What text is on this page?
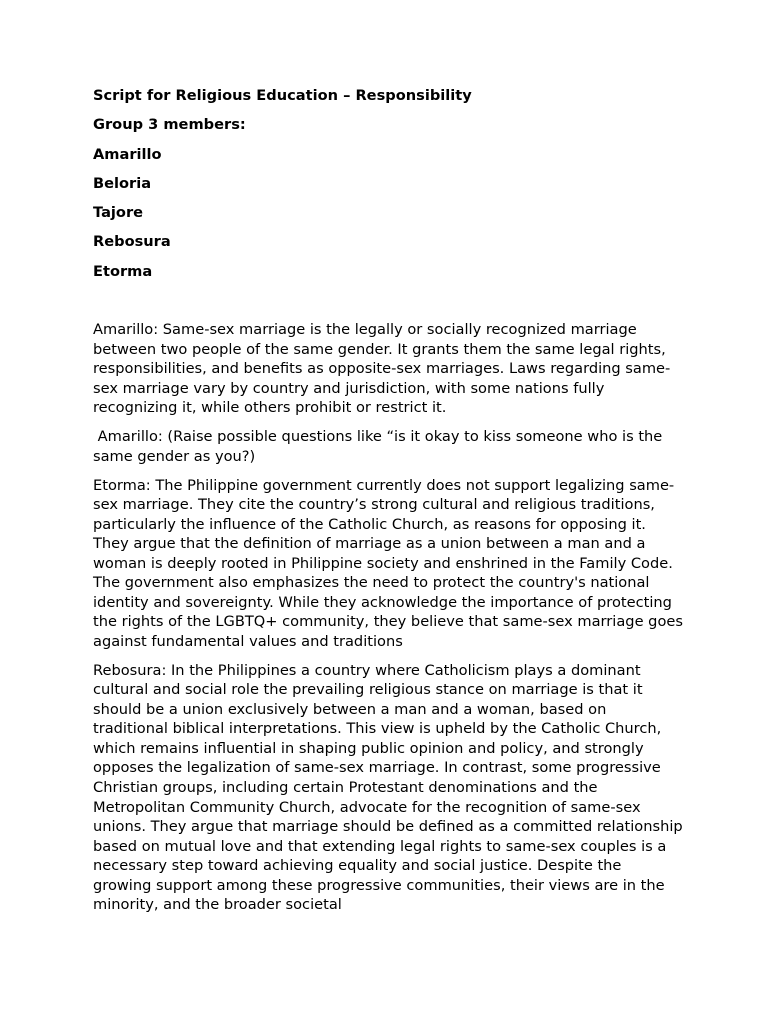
Script for Religious Education – Responsibility
Group 3 members:
Amarillo
Beloria
Tajore
Rebosura
Etorma

Amarillo: Same-sex marriage is the legally or socially recognized marriage between two people of the same gender. It grants them the same legal rights, responsibilities, and benefits as opposite-sex marriages. Laws regarding same-sex marriage vary by country and jurisdiction, with some nations fully recognizing it, while others prohibit or restrict it.

Amarillo: (Raise possible questions like “is it okay to kiss someone who is the same gender as you?)

Etorma: The Philippine government currently does not support legalizing same-sex marriage. They cite the country’s strong cultural and religious traditions, particularly the influence of the Catholic Church, as reasons for opposing it. They argue that the definition of marriage as a union between a man and a woman is deeply rooted in Philippine society and enshrined in the Family Code. The government also emphasizes the need to protect the country's national identity and sovereignty. While they acknowledge the importance of protecting the rights of the LGBTQ+ community, they believe that same-sex marriage goes against fundamental values and traditions

Rebosura: In the Philippines a country where Catholicism plays a dominant cultural and social role the prevailing religious stance on marriage is that it should be a union exclusively between a man and a woman, based on traditional biblical interpretations. This view is upheld by the Catholic Church, which remains influential in shaping public opinion and policy, and strongly opposes the legalization of same-sex marriage. In contrast, some progressive Christian groups, including certain Protestant denominations and the Metropolitan Community Church, advocate for the recognition of same-sex unions. They argue that marriage should be defined as a committed relationship based on mutual love and that extending legal rights to same-sex couples is a necessary step toward achieving equality and social justice. Despite the growing support among these progressive communities, their views are in the minority, and the broader societal
